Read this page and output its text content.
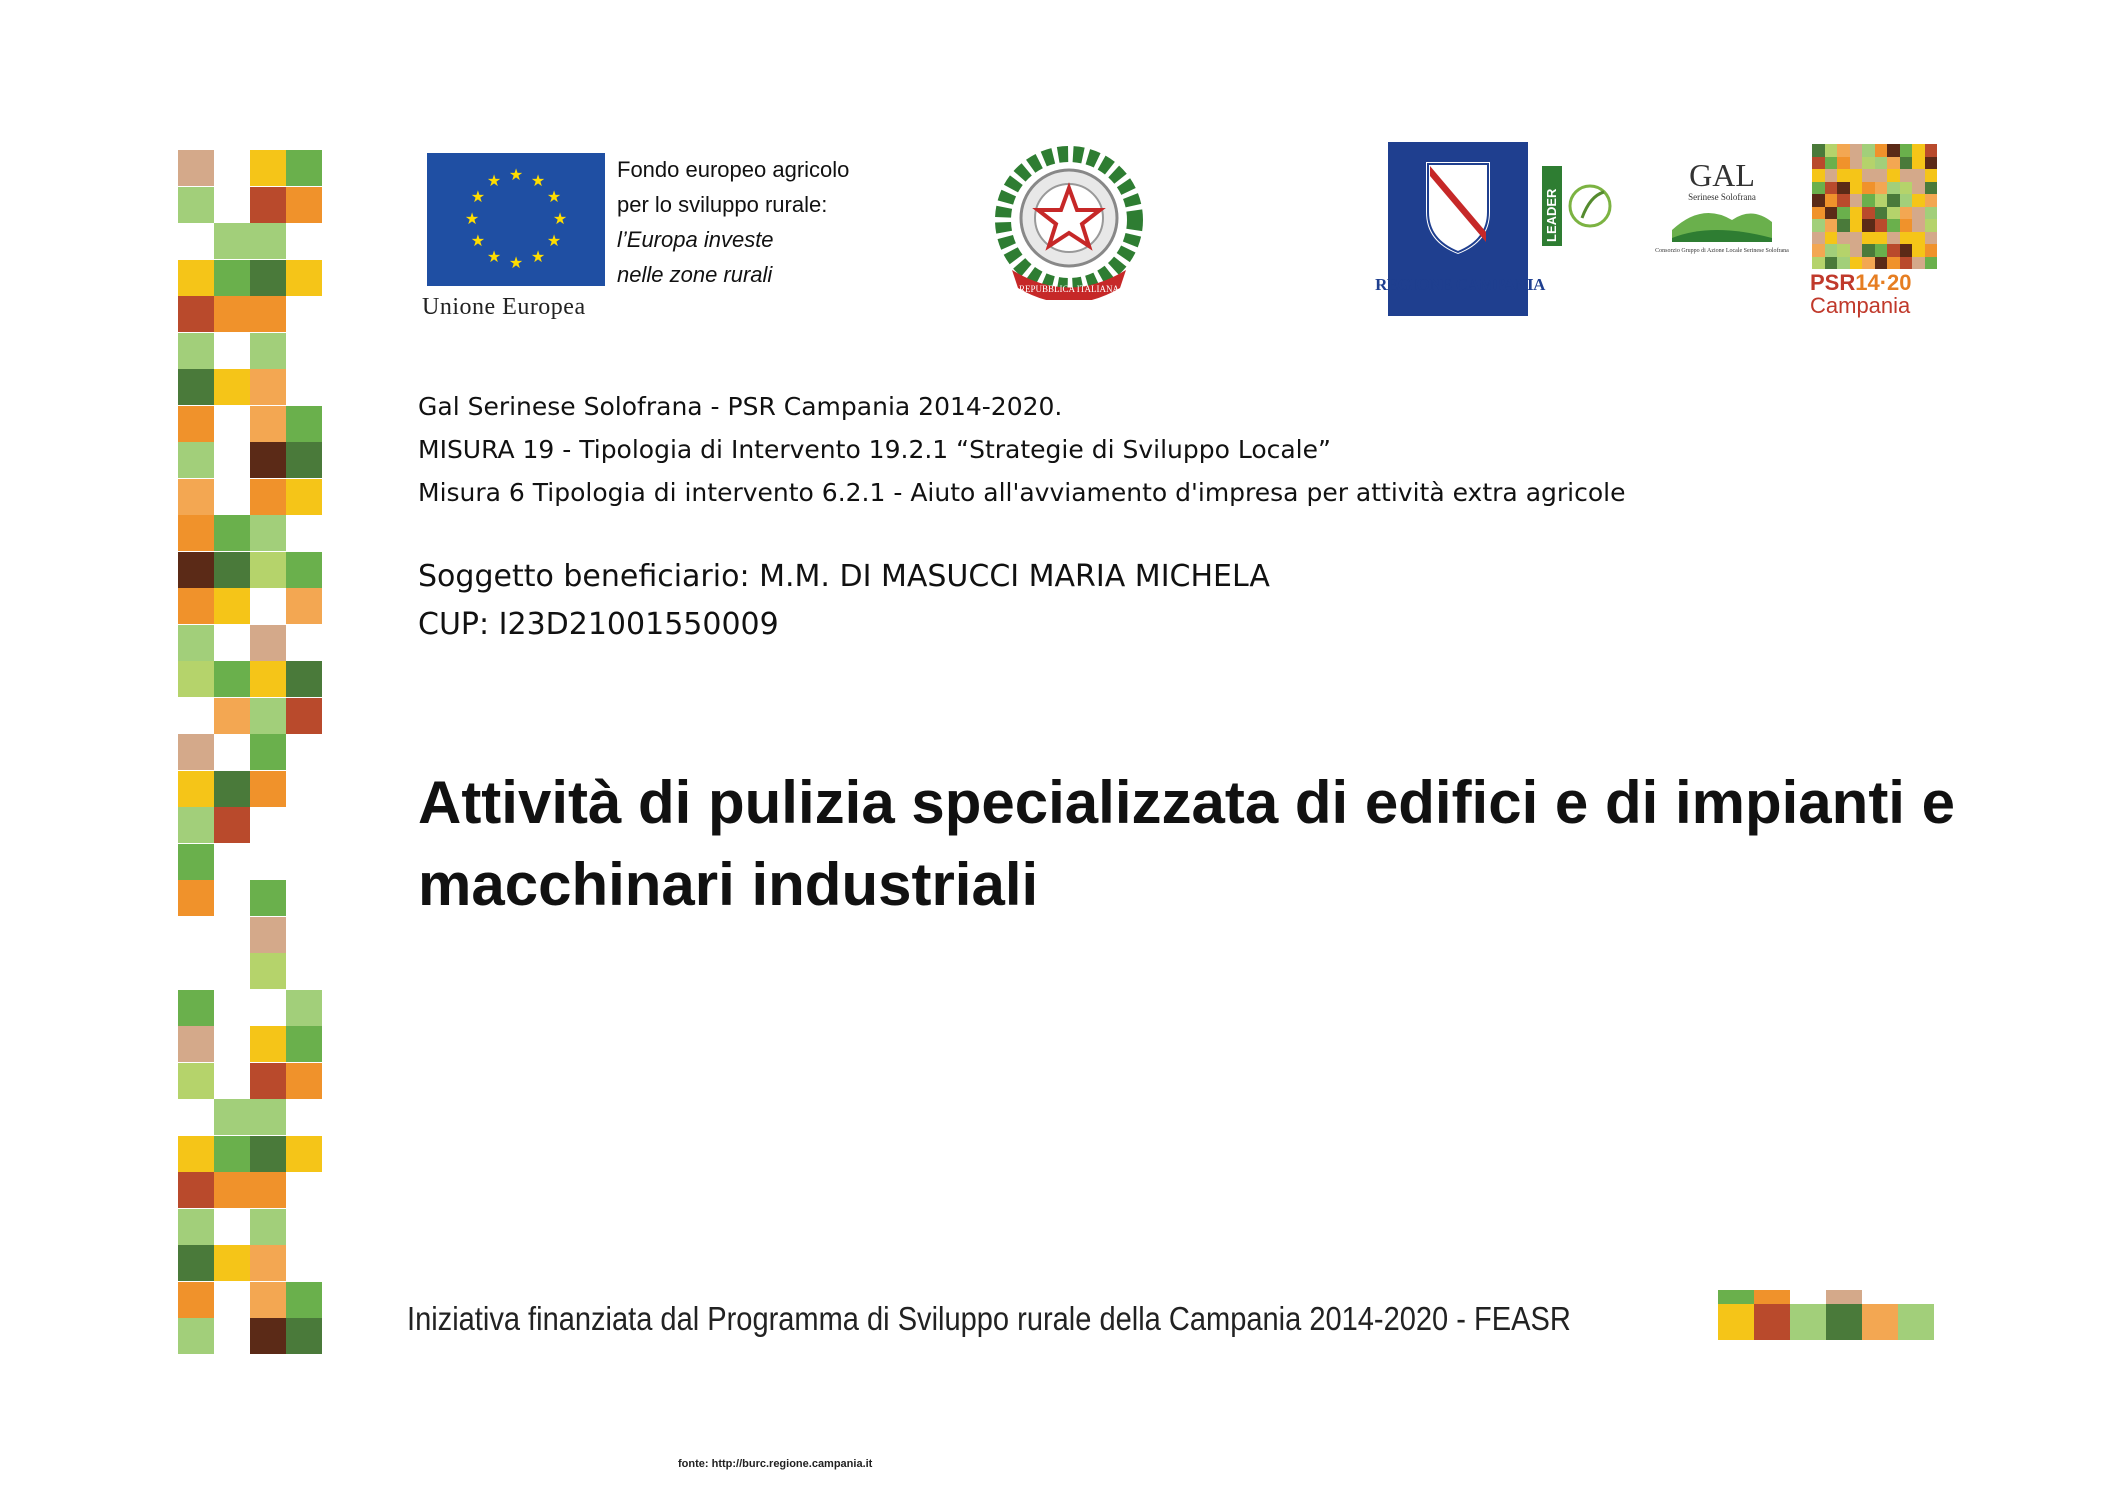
★ ★
★
★
★
★
★
★
★
★
★
★
Unione Europea
Fondo europeo agricolo
per lo sviluppo rurale:
l’Europa investe
nelle zone rurali
REPUBBLICA ITALIANA	REGIONE CAMPANIA
LEADER
GAL
Serinese Solofrana
Consorzio Gruppo di Azione Locale Serinese Solofrana
PSR14·20
Campania
Gal Serinese Solofrana - PSR Campania 2014-2020.
MISURA 19 - Tipologia di Intervento 19.2.1 “Strategie di Sviluppo Locale”
Misura 6 Tipologia di intervento 6.2.1 - Aiuto all'avviamento d'impresa per attività extra agricole
Soggetto beneficiario: M.M. DI MASUCCI MARIA MICHELA
CUP: I23D21001550009
Attività di pulizia specializzata di edifici e di impianti e macchinari industriali
Iniziativa finanziata dal Programma di Sviluppo rurale della Campania 2014-2020 - FEASR
fonte: http://burc.regione.campania.it
